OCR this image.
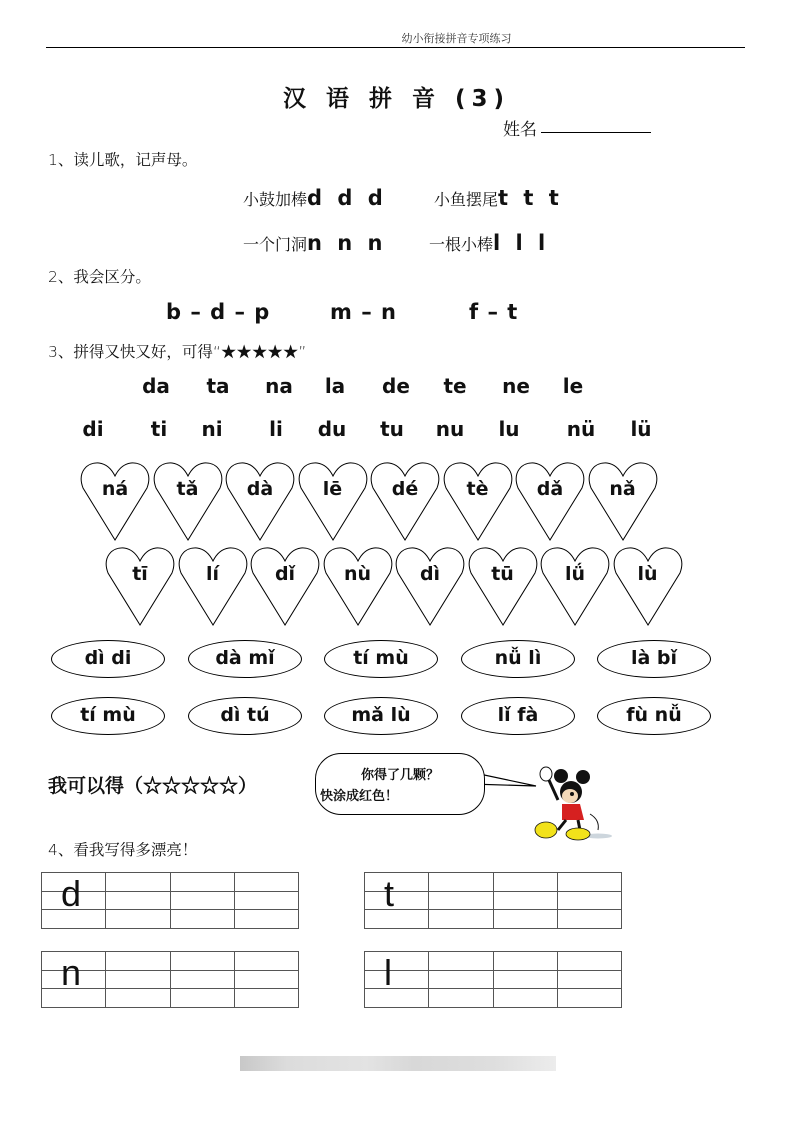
幼小衔接拼音专项练习
汉 语 拼 音 (3)
姓名
1、读儿歌，记声母。
小鼓加棒d d d	小鱼摆尾t t t
一个门洞n n n	一根小棒l l l
2、我会区分。
b – d – p	m – n	f – t
3、拼得又快又好，可得“★★★★★”
da ta na la de te ne le
di ti ni li du tu nu lu nü lü
ná	tǎ	dà	lē	dé	tè	dǎ	nǎ
tī	lí	dǐ	nù	dì	tū	lǘ	lù
dì di	dà mǐ	tí mù	nǚ lì	là bǐ
tí mù	dì tú	mǎ lù	lǐ fà	fù nǚ
我可以得（☆☆☆☆☆）	你得了几颗？
快涂成红色！
4、看我写得多漂亮！

d

				t

n

				l
